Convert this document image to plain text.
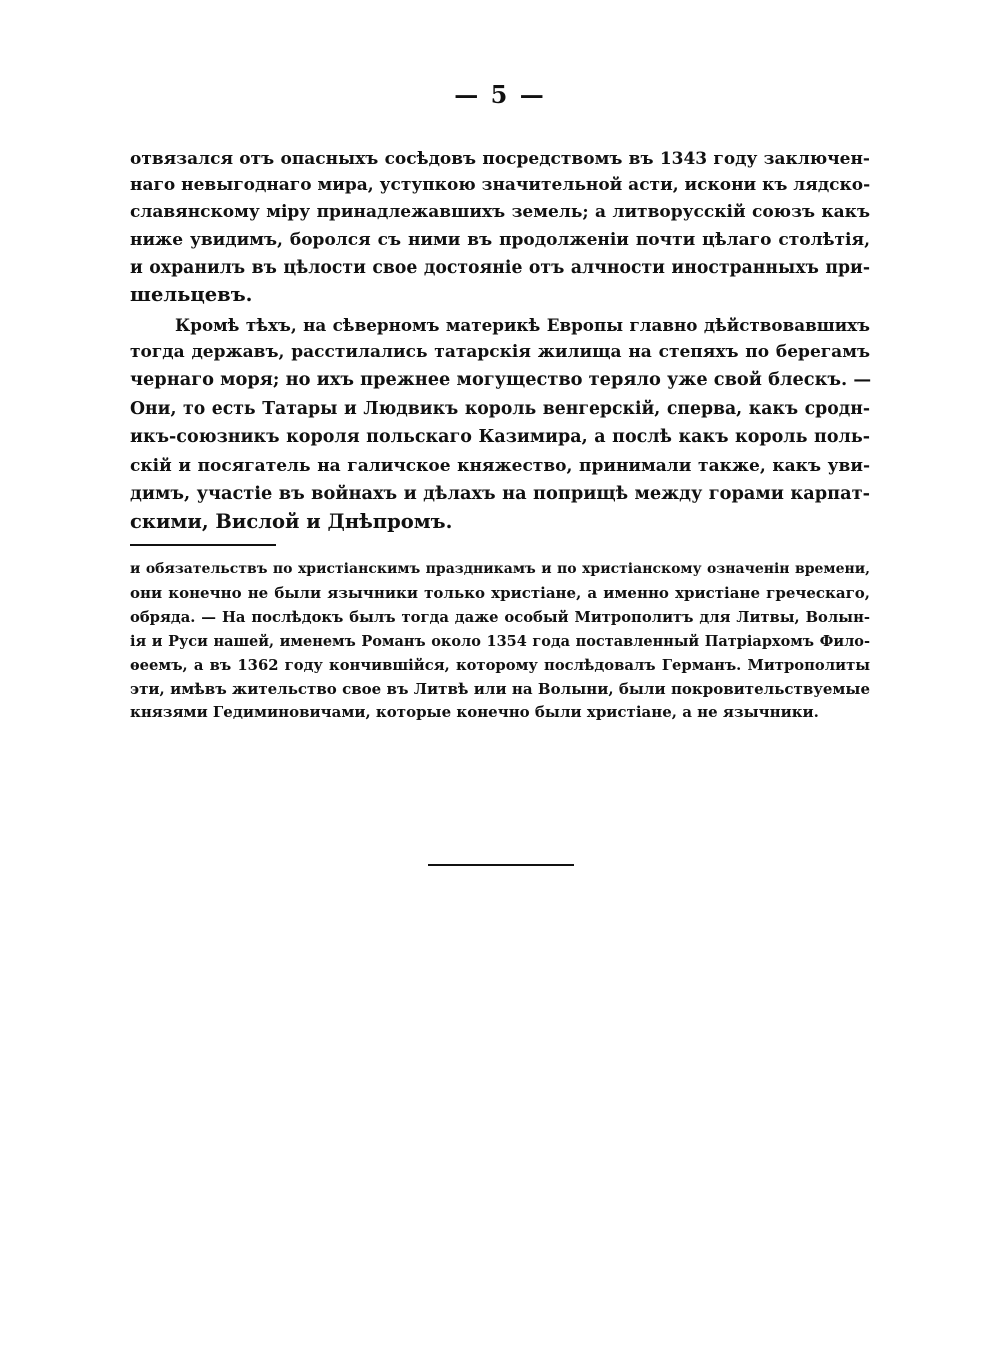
— 5 —
отвязался отъ опасныхъ сосѣдовъ посредствомъ въ 1343 году заключен-
наго невыгоднаго мира, уступкою значительной асти, искони къ лядско-
славянскому міру принадлежавшихъ земель; а литворусскій союзъ какъ
ниже увидимъ, боролся съ ними въ продолженіи почти цѣлаго столѣтія,
и охранилъ въ цѣлости свое достояніе отъ алчности иностранныхъ при-
шельцевъ.
Кромѣ тѣхъ, на сѣверномъ материкѣ Европы главно дѣйствовавшихъ
тогда державъ, расстилались татарскія жилища на степяхъ по берегамъ
чернаго моря; но ихъ прежнее могущество теряло уже свой блескъ. —
Они, то есть Татары и Людвикъ король венгерскій, сперва, какъ сродн-
икъ-союзникъ короля польскаго Казимира, а послѣ какъ король поль-
скій и посягатель на галичское княжество, принимали также, какъ уви-
димъ, участіе въ войнахъ и дѣлахъ на поприщѣ между горами карпат-
скими, Вислой и Днѣпромъ.
и обязательствъ по христіанскимъ праздникамъ и по христіанскому означенін времени,
они конечно не были язычники только христіане, а именно христіане греческаго,
обряда. — На послѣдокъ былъ тогда даже особый Митрополитъ для Литвы, Волын-
ія и Руси нашей, именемъ Романъ около 1354 года поставленный Патріархомъ Фило-
ѳеемъ, а въ 1362 году кончившійся, которому послѣдовалъ Германъ. Митрополиты
эти, имѣвъ жительство свое въ Литвѣ или на Волыни, были покровительствуемые
князями Гедиминовичами, которые конечно были христіане, а не язычники.
